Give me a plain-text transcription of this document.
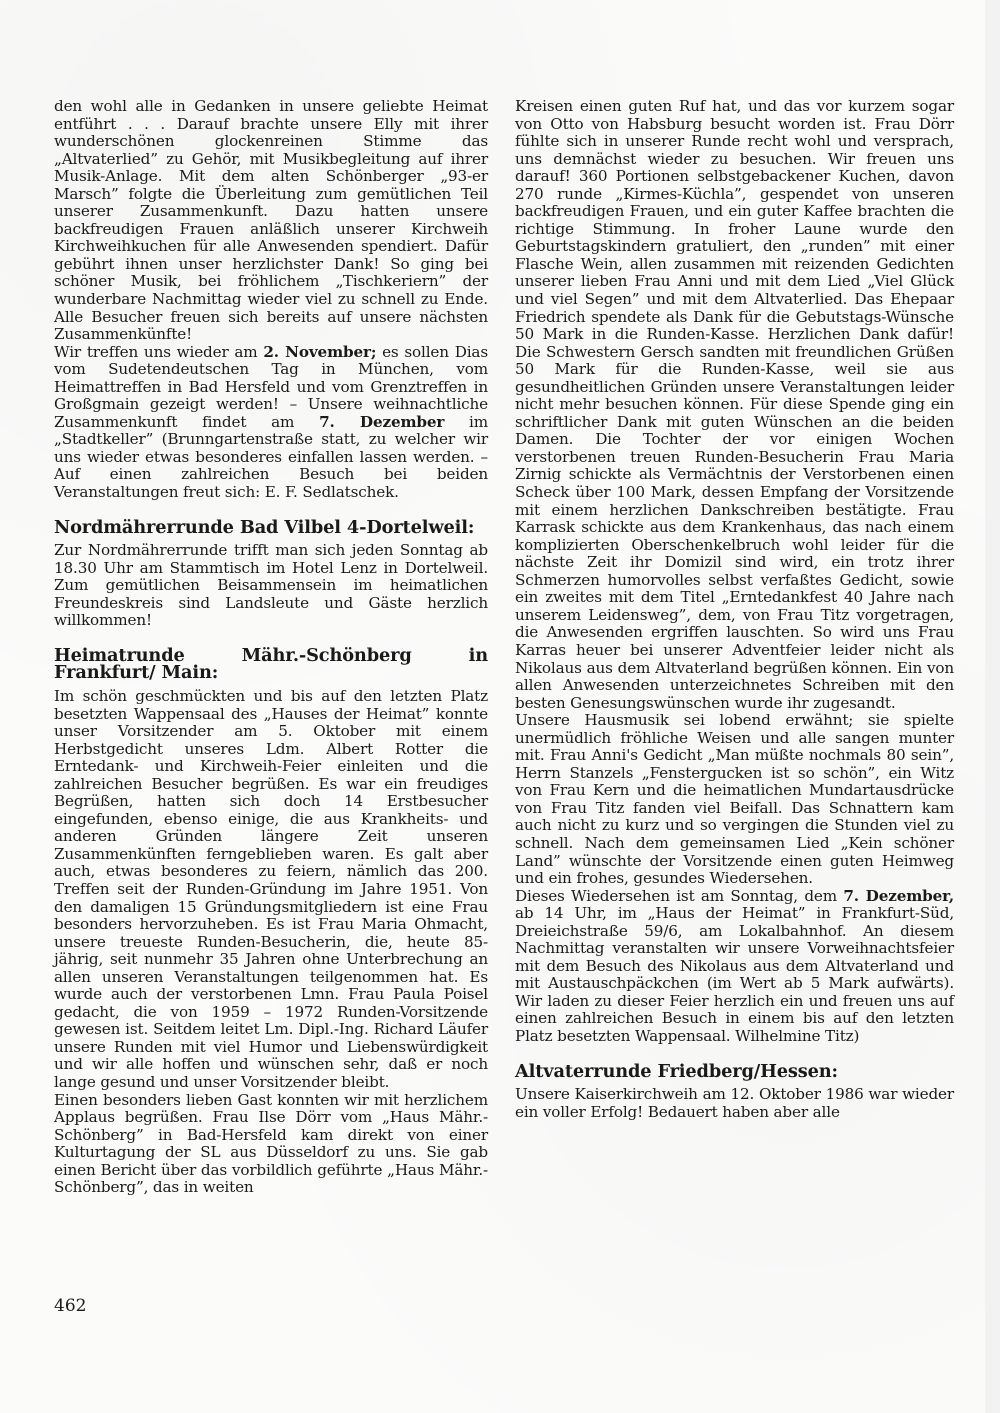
den wohl alle in Gedanken in unsere geliebte Heimat entführt . . . Darauf brachte unsere Elly mit ihrer wunderschönen glockenreinen Stimme das „Altvaterlied” zu Gehör, mit Musikbegleitung auf ihrer Musik-Anlage. Mit dem alten Schönberger „93-er Marsch” folgte die Überleitung zum gemütlichen Teil unserer Zusammenkunft. Dazu hatten unsere backfreudigen Frauen anläßlich unserer Kirchweih Kirchweihkuchen für alle Anwesenden spendiert. Dafür gebührt ihnen unser herzlichster Dank! So ging bei schöner Musik, bei fröhlichem „Tischkeriern” der wunderbare Nachmittag wieder viel zu schnell zu Ende. Alle Besucher freuen sich bereits auf unsere nächsten Zusammenkünfte!

Wir treffen uns wieder am 2. November; es sollen Dias vom Sudetendeutschen Tag in München, vom Heimattreffen in Bad Hersfeld und vom Grenztreffen in Großgmain gezeigt werden! – Unsere weihnachtliche Zusammenkunft findet am 7. Dezember im „Stadtkeller” (Brunngartenstraße statt, zu welcher wir uns wieder etwas besonderes einfallen lassen werden. – Auf einen zahlreichen Besuch bei beiden Veranstaltungen freut sich: E. F. Sedlatschek.

Nordmährerrunde Bad Vilbel 4-Dortelweil:

Zur Nordmährerrunde trifft man sich jeden Sonntag ab 18.30 Uhr am Stammtisch im Hotel Lenz in Dortelweil. Zum gemütlichen Beisammensein im heimatlichen Freundeskreis sind Landsleute und Gäste herzlich willkommen!

Heimatrunde Mähr.-Schönberg in Frankfurt/ Main:

Im schön geschmückten und bis auf den letzten Platz besetzten Wappensaal des „Hauses der Heimat” konnte unser Vorsitzender am 5. Oktober mit einem Herbstgedicht unseres Ldm. Albert Rotter die Erntedank- und Kirchweih-Feier einleiten und die zahlreichen Besucher begrüßen. Es war ein freudiges Begrüßen, hatten sich doch 14 Erstbesucher eingefunden, ebenso einige, die aus Krankheits- und anderen Gründen längere Zeit unseren Zusammenkünften ferngeblieben waren. Es galt aber auch, etwas besonderes zu feiern, nämlich das 200. Treffen seit der Runden-Gründung im Jahre 1951. Von den damaligen 15 Gründungsmitgliedern ist eine Frau besonders hervorzuheben. Es ist Frau Maria Ohmacht, unsere treueste Runden-Besucherin, die, heute 85-jährig, seit nunmehr 35 Jahren ohne Unterbrechung an allen unseren Veranstaltungen teilgenommen hat. Es wurde auch der verstorbenen Lmn. Frau Paula Poisel gedacht, die von 1959 – 1972 Runden-Vorsitzende gewesen ist. Seitdem leitet Lm. Dipl.-Ing. Richard Läufer unsere Runden mit viel Humor und Liebenswürdigkeit und wir alle hoffen und wünschen sehr, daß er noch lange gesund und unser Vorsitzender bleibt.

Einen besonders lieben Gast konnten wir mit herzlichem Applaus begrüßen. Frau Ilse Dörr vom „Haus Mähr.-Schönberg” in Bad-Hersfeld kam direkt von einer Kulturtagung der SL aus Düsseldorf zu uns. Sie gab einen Bericht über das vorbildlich geführte „Haus Mähr.-Schönberg”, das in weiten

Kreisen einen guten Ruf hat, und das vor kurzem sogar von Otto von Habsburg besucht worden ist. Frau Dörr fühlte sich in unserer Runde recht wohl und versprach, uns demnächst wieder zu besuchen. Wir freuen uns darauf! 360 Portionen selbstgebackener Kuchen, davon 270 runde „Kirmes-Küchla”, gespendet von unseren backfreudigen Frauen, und ein guter Kaffee brachten die richtige Stimmung. In froher Laune wurde den Geburtstagskindern gratuliert, den „runden” mit einer Flasche Wein, allen zusammen mit reizenden Gedichten unserer lieben Frau Anni und mit dem Lied „Viel Glück und viel Segen” und mit dem Altvaterlied. Das Ehepaar Friedrich spendete als Dank für die Gebutstags-Wünsche 50 Mark in die Runden-Kasse. Herzlichen Dank dafür! Die Schwestern Gersch sandten mit freundlichen Grüßen 50 Mark für die Runden-Kasse, weil sie aus gesundheitlichen Gründen unsere Veranstaltungen leider nicht mehr besuchen können. Für diese Spende ging ein schriftlicher Dank mit guten Wünschen an die beiden Damen. Die Tochter der vor einigen Wochen verstorbenen treuen Runden-Besucherin Frau Maria Zirnig schickte als Vermächtnis der Verstorbenen einen Scheck über 100 Mark, dessen Empfang der Vorsitzende mit einem herzlichen Dankschreiben bestätigte. Frau Karrask schickte aus dem Krankenhaus, das nach einem komplizierten Oberschenkelbruch wohl leider für die nächste Zeit ihr Domizil sind wird, ein trotz ihrer Schmerzen humorvolles selbst verfaßtes Gedicht, sowie ein zweites mit dem Titel „Erntedankfest 40 Jahre nach unserem Leidensweg”, dem, von Frau Titz vorgetragen, die Anwesenden ergriffen lauschten. So wird uns Frau Karras heuer bei unserer Adventfeier leider nicht als Nikolaus aus dem Altvaterland begrüßen können. Ein von allen Anwesenden unterzeichnetes Schreiben mit den besten Genesungswünschen wurde ihr zugesandt.

Unsere Hausmusik sei lobend erwähnt; sie spielte unermüdlich fröhliche Weisen und alle sangen munter mit. Frau Anni's Gedicht „Man müßte nochmals 80 sein”, Herrn Stanzels „Fenstergucken ist so schön”, ein Witz von Frau Kern und die heimatlichen Mundartausdrücke von Frau Titz fanden viel Beifall. Das Schnattern kam auch nicht zu kurz und so vergingen die Stunden viel zu schnell. Nach dem gemeinsamen Lied „Kein schöner Land” wünschte der Vorsitzende einen guten Heimweg und ein frohes, gesundes Wiedersehen.

Dieses Wiedersehen ist am Sonntag, dem 7. Dezember, ab 14 Uhr, im „Haus der Heimat” in Frankfurt-Süd, Dreieichstraße 59/6, am Lokalbahnhof. An diesem Nachmittag veranstalten wir unsere Vorweihnachtsfeier mit dem Besuch des Nikolaus aus dem Altvaterland und mit Austauschpäckchen (im Wert ab 5 Mark aufwärts). Wir laden zu dieser Feier herzlich ein und freuen uns auf einen zahlreichen Besuch in einem bis auf den letzten Platz besetzten Wappensaal. Wilhelmine Titz)

Altvaterrunde Friedberg/Hessen:

Unsere Kaiserkirchweih am 12. Oktober 1986 war wieder ein voller Erfolg! Bedauert haben aber alle

462
